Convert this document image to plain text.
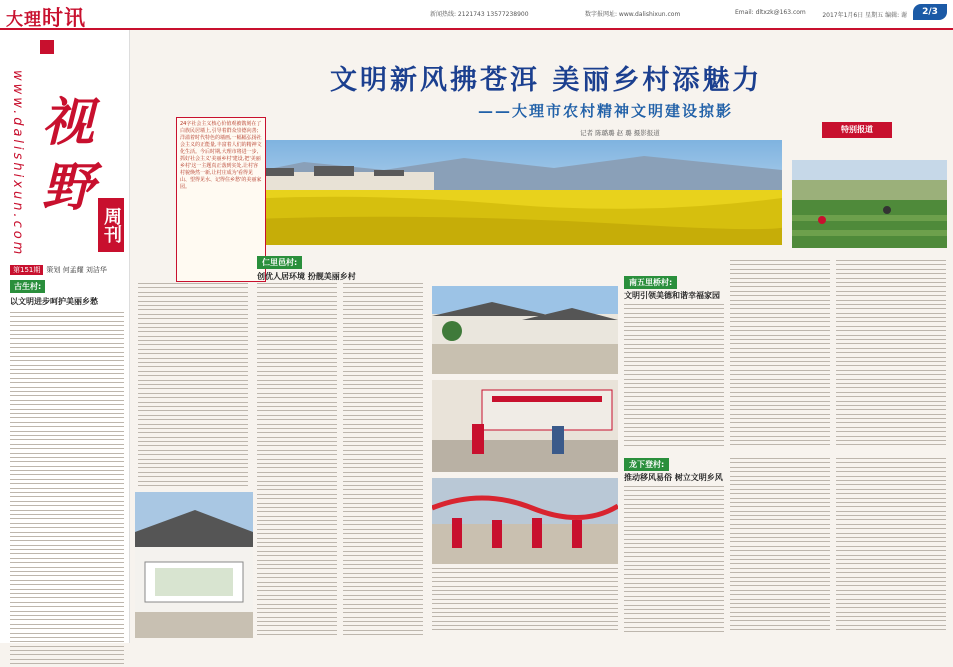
大理时讯	新闻热线: 2121743 13577238900	数字报网址: www.dalishixun.com	Email: dltxzk@163.com	2017年1月6日 星期五 编辑: 谢	2/3
www.dalishixun.com 视
野
周刊
第151期 策划 何孟耀 刘洁华
古生村:
以文明进步呵护美丽乡愁
文明新风拂苍洱 美丽乡村添魅力
——大理市农村精神文明建设掠影
记者 陈璐璐 赵 璐 摄影报道	特别报道
24字社会主义核心价值观被镌刻在了白族民居墙上,引导着群众崇德向善;洋溢着时代特色的墙画,一幅幅弘扬社会主义的正能量,丰富着人们的精神文化生活。今后时期,大理市将进一步,抓好社会主义'美丽乡村'建设,把'美丽乡村'这一主题真正落到实处,让村容村貌焕然一新,让村庄成为'看得见山、望得见水、记得住乡愁'的美丽家园。
仁里邑村:
创优人居环境 扮靓美丽乡村
南五里桥村:
文明引领美德和谐幸福家园
龙下登村:
推动移风易俗 树立文明乡风
